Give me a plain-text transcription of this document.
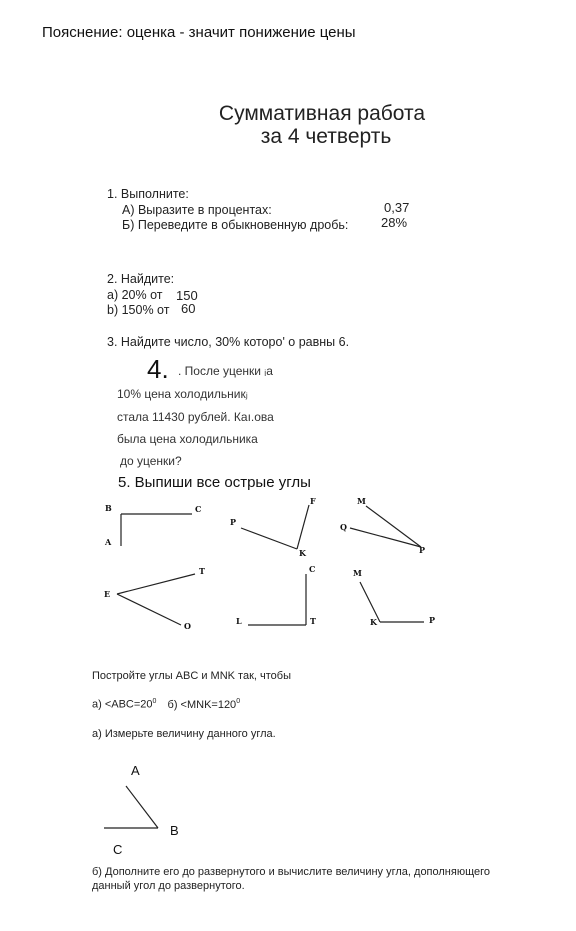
Пояснение: оценка - значит понижение цены
Суммативная работа
за 4 четверть
1. Выполните:
А) Выразите в процентах:	0,37
Б) Переведите в обыкновенную дробь:	28%
2. Найдите:
а) 20% от 150
b) 150% от 60
3. Найдите число, 30% которо' о равны 6.
4. . После уценки ᵢa
10% цена холодильникⱼ
стала 11430 рублей. Каı.ова
была цена холодильника
до уценки?
5. Выпиши все острые углы
B	C
A
F
P
K
M
Q
P
T
E
O
C
L	T
M
K	P
Постройте углы ABC и MNK так, чтобы
$а) <ABC=20^0$ $б) <MNK=120^0$
а) Измерьте величину данного угла.
A
B
C
б) Дополните его до развернутого и вычислите величину угла, дополняющего
данный угол до развернутого.
